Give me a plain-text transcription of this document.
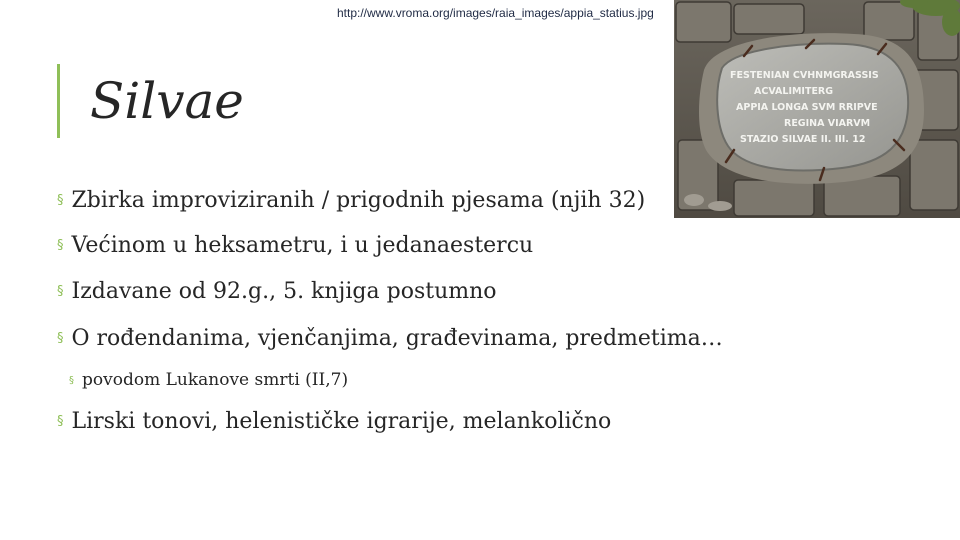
http://www.vroma.org/images/raia_images/appia_statius.jpg
Silvae	FESTENIAN CVHNMGRASSIS
ACVALIMITERG
APPIA LONGA SVM RRIPVE
REGINA VIARVM
STAZIO SILVAE II. III. 12
§ Zbirka improviziranih / prigodnih pjesama (njih 32)
§ Većinom u heksametru, i u jedanaestercu
§ Izdavane od 92.g., 5. knjiga postumno
§ O rođendanima, vjenčanjima, građevinama, predmetima…
§ povodom Lukanove smrti (II,7)
§ Lirski tonovi, helenističke igrarije, melankolično
